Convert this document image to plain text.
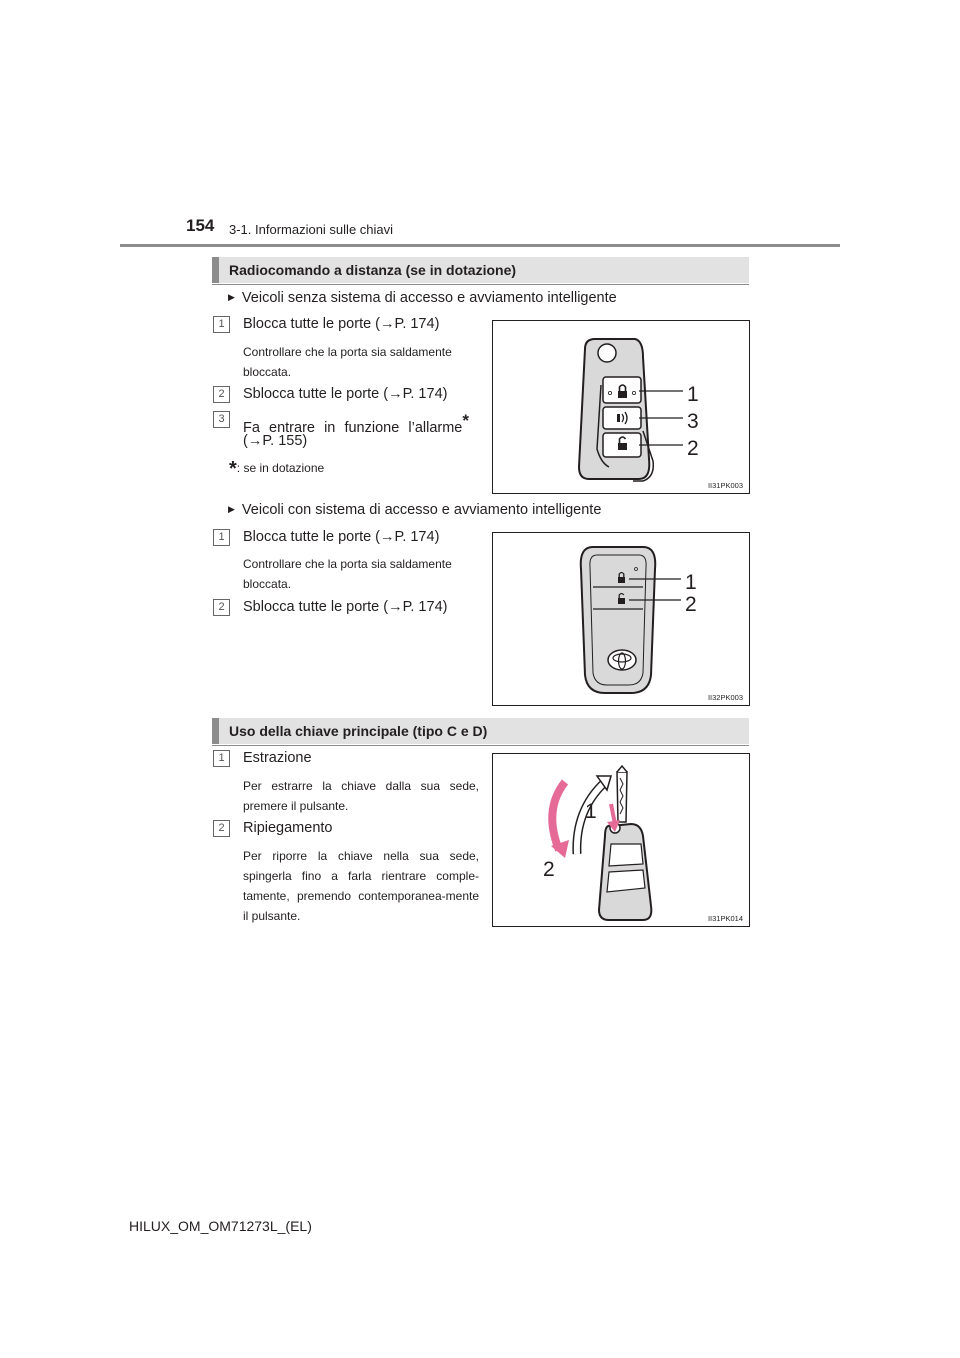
154 3-1. Informazioni sulle chiavi
Radiocomando a distanza (se in dotazione)
▶ Veicoli senza sistema di accesso e avviamento intelligente
1	Blocca tutte le porte (→P. 174)
Controllare che la porta sia saldamente bloccata.
2	Sblocca tutte le porte (→P. 174)
3
Fa entrare in funzione l’allarme*
(→P. 155)
*: se in dotazione
1
3
2
II31PK003
▶ Veicoli con sistema di accesso e avviamento intelligente
1	Blocca tutte le porte (→P. 174)
Controllare che la porta sia saldamente bloccata.
2	Sblocca tutte le porte (→P. 174)
1
2
II32PK003
Uso della chiave principale (tipo C e D)
1	Estrazione
Per estrarre la chiave dalla sua sede, premere il pulsante.
2	Ripiegamento
Per riporre la chiave nella sua sede, spingerla fino a farla rientrare comple-tamente, premendo contemporanea-mente il pulsante.
1
2
II31PK014
HILUX_OM_OM71273L_(EL)
